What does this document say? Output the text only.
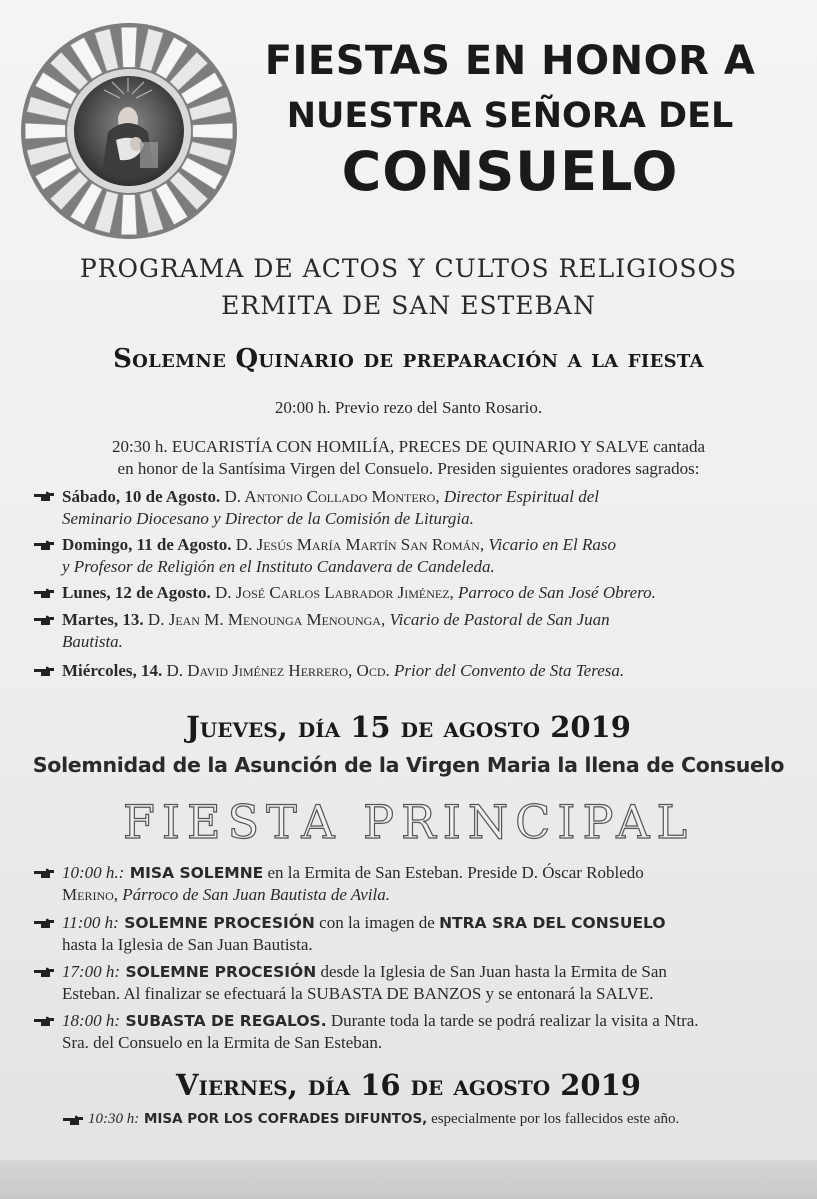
FIESTAS EN HONOR A
NUESTRA SEÑORA DEL
CONSUELO
PROGRAMA DE ACTOS Y CULTOS RELIGIOSOS
ERMITA DE SAN ESTEBAN
Solemne Quinario de preparación a la fiesta
20:00 h. Previo rezo del Santo Rosario.
20:30 h. EUCARISTÍA CON HOMILÍA, PRECES DE QUINARIO Y SALVE cantada
en honor de la Santísima Virgen del Consuelo. Presiden siguientes oradores sagrados:
Sábado, 10 de Agosto. D. Antonio Collado Montero, Director Espiritual del
Seminario Diocesano y Director de la Comisión de Liturgia.
Domingo, 11 de Agosto. D. Jesús María Martín San Román, Vicario en El Raso
y Profesor de Religión en el Instituto Candavera de Candeleda.
Lunes, 12 de Agosto. D. José Carlos Labrador Jiménez, Parroco de San José Obrero.
Martes, 13. D. Jean M. Menounga Menounga, Vicario de Pastoral de San Juan
Bautista.
Miércoles, 14. D. David Jiménez Herrero, Ocd. Prior del Convento de Sta Teresa.
Jueves, día 15 de agosto 2019
Solemnidad de la Asunción de la Virgen Maria la llena de Consuelo
FIESTA PRINCIPAL
10:00 h.: MISA SOLEMNE en la Ermita de San Esteban. Preside D. Óscar Robledo
Merino, Párroco de San Juan Bautista de Avila.
11:00 h: SOLEMNE PROCESIÓN con la imagen de NTRA SRA DEL CONSUELO
hasta la Iglesia de San Juan Bautista.
17:00 h: SOLEMNE PROCESIÓN desde la Iglesia de San Juan hasta la Ermita de San
Esteban. Al finalizar se efectuará la SUBASTA DE BANZOS y se entonará la SALVE.
18:00 h: SUBASTA DE REGALOS. Durante toda la tarde se podrá realizar la visita a Ntra.
Sra. del Consuelo en la Ermita de San Esteban.
Viernes, día 16 de agosto 2019
10:30 h: MISA POR LOS COFRADES DIFUNTOS, especialmente por los fallecidos este año.
